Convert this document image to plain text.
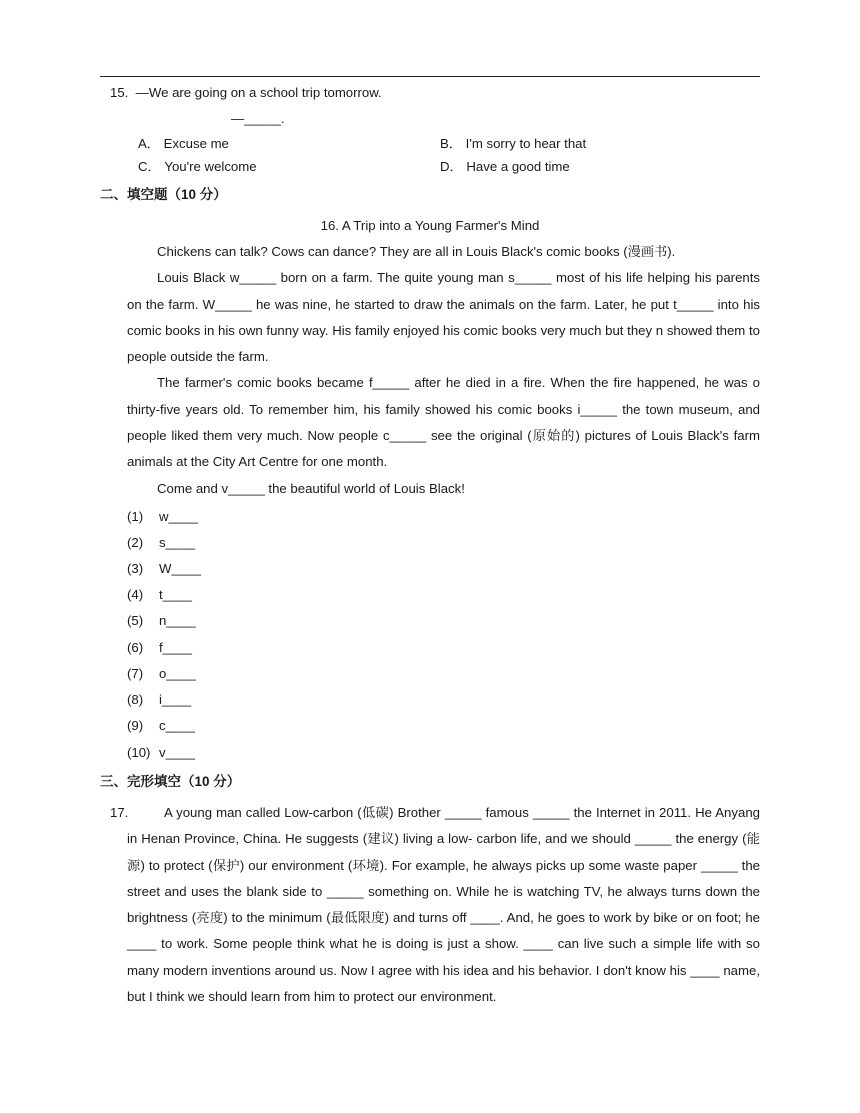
15. —We are going on a school trip tomorrow.
—_____.
A． Excuse me	B． I'm sorry to hear that
C． You're welcome	D． Have a good time
二、填空题（10 分）
16. A Trip into a Young Farmer's Mind

Chickens can talk? Cows can dance? They are all in Louis Black's comic books (漫画书).

Louis Black w_____ born on a farm. The quite young man s_____ most of his life helping his parents on the farm. W_____ he was nine, he started to draw the animals on the farm. Later, he put t_____ into his comic books in his own funny way. His family enjoyed his comic books very much but they n showed them to people outside the farm.

The farmer's comic books became f_____ after he died in a fire. When the fire happened, he was o thirty-five years old. To remember him, his family showed his comic books i_____ the town museum, and people liked them very much. Now people c_____ see the original (原始的) pictures of Louis Black's farm animals at the City Art Centre for one month.

Come and v_____ the beautiful world of Louis Black!

(1) w____
(2) s____
(3) W____
(4) t____
(5) n____
(6) f____
(7) o____
(8) i____
(9) c____
(10) v____
三、完形填空（10 分）
17.	A young man called Low-carbon (低碳) Brother _____ famous _____ the Internet in 2011. He Anyang in Henan Province, China. He suggests (建议) living a low- carbon life, and we should _____ the energy (能源) to protect (保护) our environment (环境). For example, he always picks up some waste paper _____ the street and uses the blank side to _____ something on. While he is watching TV, he always turns down the brightness (亮度) to the minimum (最低限度) and turns off ____. And, he goes to work by bike or on foot; he ____ to work. Some people think what he is doing is just a show. ____ can live such a simple life with so many modern inventions around us. Now I agree with his idea and his behavior. I don't know his ____ name, but I think we should learn from him to protect our environment.
